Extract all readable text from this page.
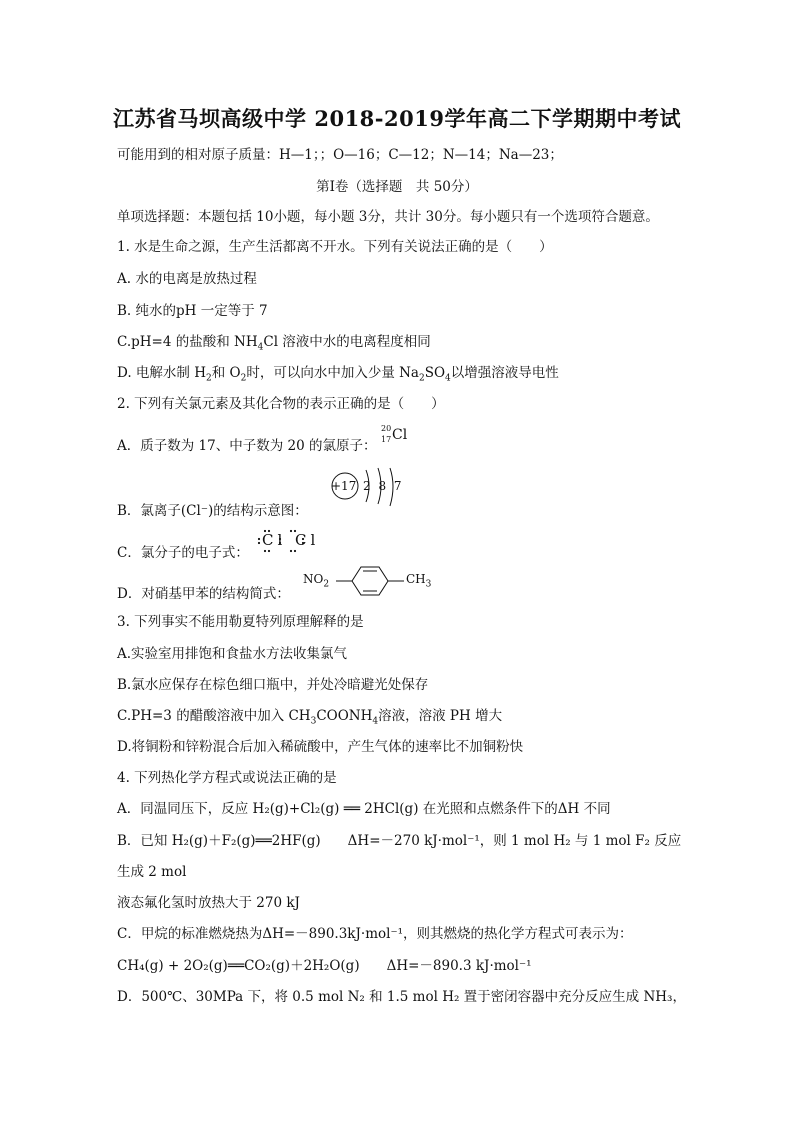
江苏省马坝高级中学 2018-2019学年高二下学期期中考试
可能用到的相对原子质量：H—1；；O—16；C—12；N—14；Na—23；
第Ⅰ卷（选择题　共 50分）
单项选择题：本题包括 10小题，每小题 3分，共计 30分。每小题只有一个选项符合题意。
1. 水是生命之源，生产生活都离不开水。下列有关说法正确的是（　　）
A. 水的电离是放热过程
B. 纯水的pH 一定等于 7
C.pH=4 的盐酸和 $NH_4Cl$ 溶液中水的电离程度相同
D. 电解水制 $H_2$和 $O_2$时，可以向水中加入少量 $Na_2SO_4$以增强溶液导电性
2. 下列有关氯元素及其化合物的表示正确的是（　　）
A．质子数为 17、中子数为 20 的氯原子：
20
17 Cl
B．氯离子(Cl⁻)的结构示意图：
+17 2 8 7
C．氯分子的电子式：
Cl Cl
D．对硝基甲苯的结构简式：
$NO_2$	$CH_3$
3. 下列事实不能用勒夏特列原理解释的是
A.实验室用排饱和食盐水方法收集氯气
B.氯水应保存在棕色细口瓶中，并处冷暗避光处保存
C.PH=3 的醋酸溶液中加入 $CH_3COONH_4$溶液，溶液 PH 增大
D.将铜粉和锌粉混合后加入稀硫酸中，产生气体的速率比不加铜粉快
4. 下列热化学方程式或说法正确的是
A．同温同压下，反应 H₂(g)+Cl₂(g) ══ 2HCl(g) 在光照和点燃条件下的ΔH 不同
B．已知 H₂(g)＋F₂(g)══2HF(g)　　ΔH=－270 kJ·mol⁻¹，则 1 mol H₂ 与 1 mol F₂ 反应
生成 2 mol
液态氟化氢时放热大于 270 kJ
C．甲烷的标准燃烧热为ΔH=－890.3kJ·mol⁻¹，则其燃烧的热化学方程式可表示为：
CH₄(g) + 2O₂(g)══CO₂(g)＋2H₂O(g)　　ΔH=－890.3 kJ·mol⁻¹
D．500℃、30MPa 下，将 0.5 mol N₂ 和 1.5 mol H₂ 置于密闭容器中充分反应生成 NH₃，
